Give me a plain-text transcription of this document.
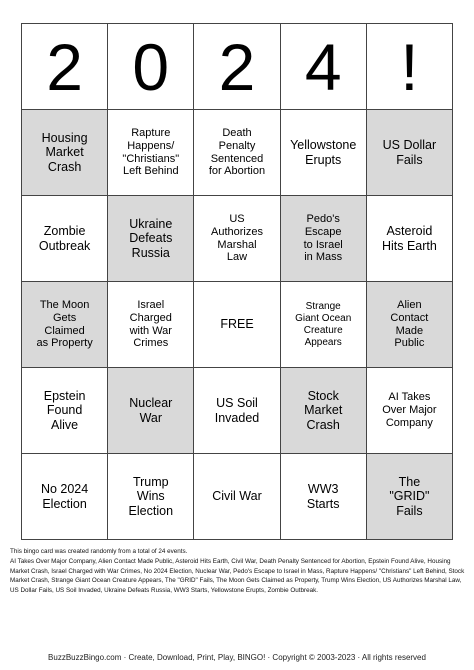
2 0 2 4 !
Housing
Market
Crash
Rapture
Happens/
"Christians"
Left Behind
Death
Penalty
Sentenced
for Abortion
Yellowstone
Erupts
US Dollar
Fails
Zombie
Outbreak
Ukraine
Defeats
Russia
US
Authorizes
Marshal
Law
Pedo's
Escape
to Israel
in Mass
Asteroid
Hits Earth
The Moon
Gets
Claimed
as Property
Israel
Charged
with War
Crimes
FREE
Strange
Giant Ocean
Creature
Appears
Alien
Contact
Made
Public
Epstein
Found
Alive
Nuclear
War
US Soil
Invaded
Stock
Market
Crash
AI Takes
Over Major
Company
No 2024
Election
Trump
Wins
Election
Civil War
WW3
Starts
The
"GRID"
Fails
This bingo card was created randomly from a total of 24 events.
AI Takes Over Major Company, Alien Contact Made Public, Asteroid Hits Earth, Civil War, Death Penalty Sentenced for Abortion, Epstein Found Alive, Housing Market Crash, Israel Charged with War Crimes, No 2024 Election, Nuclear War, Pedo's Escape to Israel in Mass, Rapture Happens/ "Christians" Left Behind, Stock Market Crash, Strange Giant Ocean Creature Appears, The "GRID" Fails, The Moon Gets Claimed as Property, Trump Wins Election, US Authorizes Marshal Law, US Dollar Fails, US Soil Invaded, Ukraine Defeats Russia, WW3 Starts, Yellowstone Erupts, Zombie Outbreak.
BuzzBuzzBingo.com · Create, Download, Print, Play, BINGO! · Copyright © 2003-2023 · All rights reserved
